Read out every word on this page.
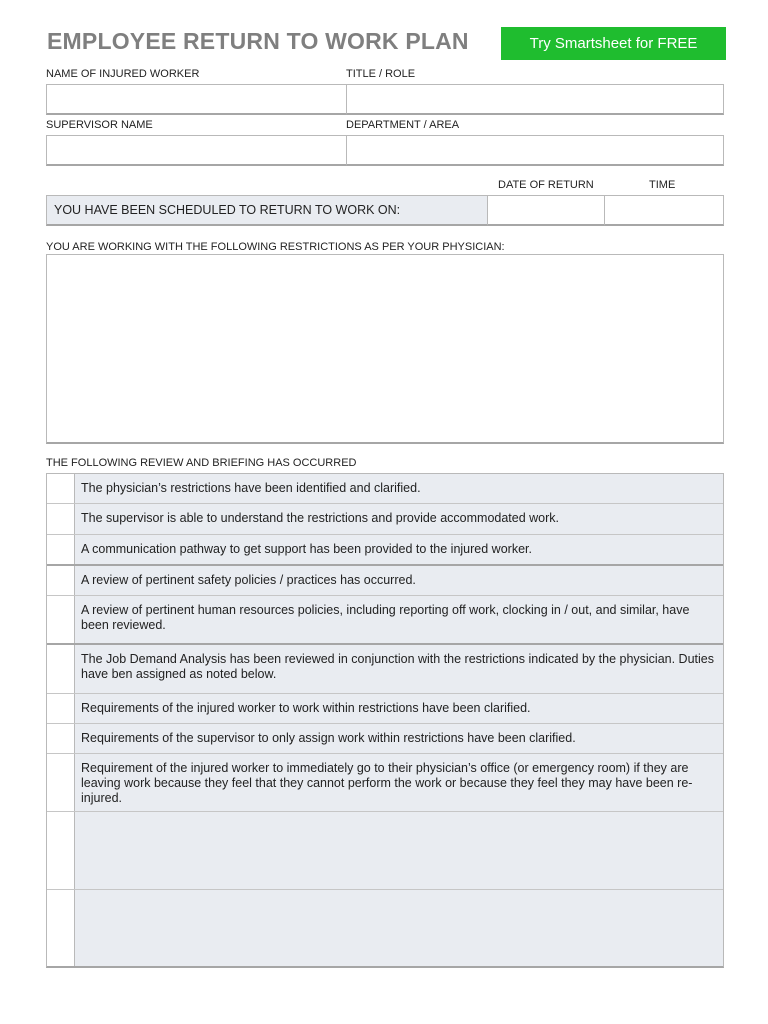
EMPLOYEE RETURN TO WORK PLAN	Try Smartsheet for FREE
NAME OF INJURED WORKER	TITLE / ROLE
SUPERVISOR NAME	DEPARTMENT / AREA
DATE OF RETURN	TIME
YOU HAVE BEEN SCHEDULED TO RETURN TO WORK ON:
YOU ARE WORKING WITH THE FOLLOWING RESTRICTIONS AS PER YOUR PHYSICIAN:
THE FOLLOWING REVIEW AND BRIEFING HAS OCCURRED
The physician’s restrictions have been identified and clarified.
The supervisor is able to understand the restrictions and provide accommodated work.
A communication pathway to get support has been provided to the injured worker.
A review of pertinent safety policies / practices has occurred.
A review of pertinent human resources policies, including reporting off work, clocking in / out, and similar, have been reviewed.
The Job Demand Analysis has been reviewed in conjunction with the restrictions indicated by the physician. Duties have ben assigned as noted below.
Requirements of the injured worker to work within restrictions have been clarified.
Requirements of the supervisor to only assign work within restrictions have been clarified.
Requirement of the injured worker to immediately go to their physician’s office (or emergency room) if they are leaving work because they feel that they cannot perform the work or because they feel they may have been re-injured.
